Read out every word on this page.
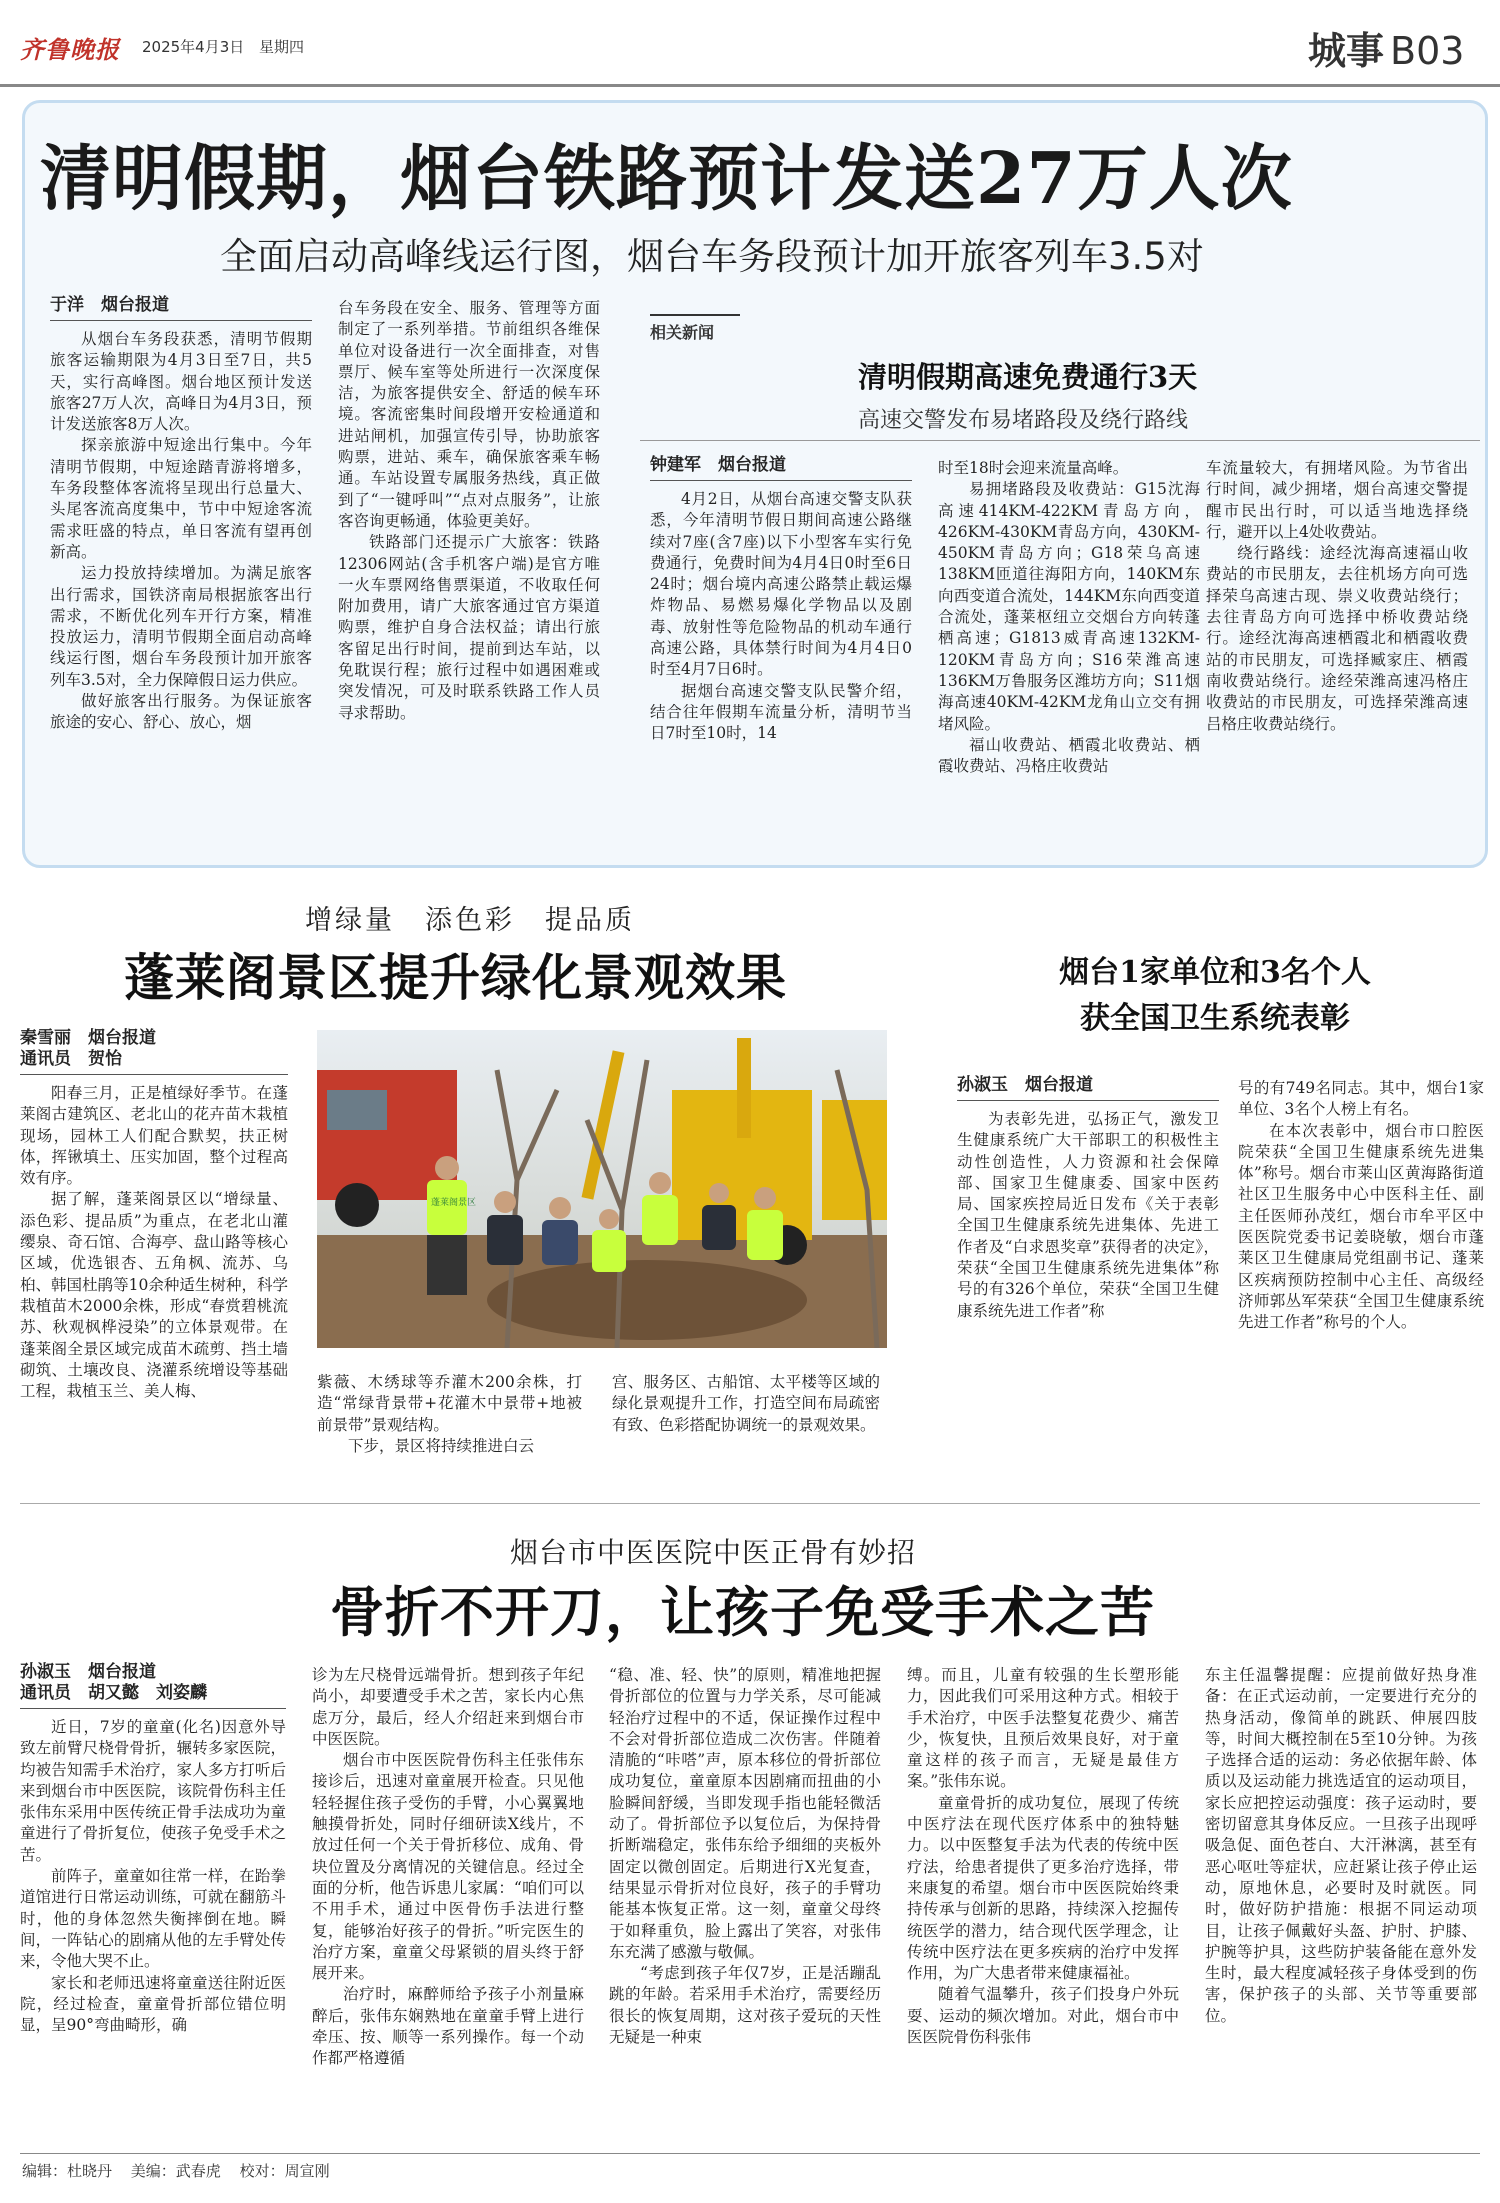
齐鲁晚报 2025年4月3日 星期四	城事 B03
清明假期，烟台铁路预计发送27万人次
全面启动高峰线运行图，烟台车务段预计加开旅客列车3.5对
于洋　烟台报道

从烟台车务段获悉，清明节假期旅客运输期限为4月3日至7日，共5天，实行高峰图。烟台地区预计发送旅客27万人次，高峰日为4月3日，预计发送旅客8万人次。

探亲旅游中短途出行集中。今年清明节假期，中短途踏青游将增多，车务段整体客流将呈现出行总量大、头尾客流高度集中，节中中短途客流需求旺盛的特点，单日客流有望再创新高。

运力投放持续增加。为满足旅客出行需求，国铁济南局根据旅客出行需求，不断优化列车开行方案，精准投放运力，清明节假期全面启动高峰线运行图，烟台车务段预计加开旅客列车3.5对，全力保障假日运力供应。

做好旅客出行服务。为保证旅客旅途的安心、舒心、放心，烟

台车务段在安全、服务、管理等方面制定了一系列举措。节前组织各维保单位对设备进行一次全面排查，对售票厅、候车室等处所进行一次深度保洁，为旅客提供安全、舒适的候车环境。客流密集时间段增开安检通道和进站闸机，加强宣传引导，协助旅客购票，进站、乘车，确保旅客乘车畅通。车站设置专属服务热线，真正做到了“一键呼叫”“点对点服务”，让旅客咨询更畅通，体验更美好。

铁路部门还提示广大旅客：铁路12306网站(含手机客户端)是官方唯一火车票网络售票渠道，不收取任何附加费用，请广大旅客通过官方渠道购票，维护自身合法权益；请出行旅客留足出行时间，提前到达车站，以免耽误行程；旅行过程中如遇困难或突发情况，可及时联系铁路工作人员寻求帮助。

相关新闻
清明假期高速免费通行3天
高速交警发布易堵路段及绕行路线
钟建军　烟台报道

4月2日，从烟台高速交警支队获悉，今年清明节假日期间高速公路继续对7座(含7座)以下小型客车实行免费通行，免费时间为4月4日0时至6日24时；烟台境内高速公路禁止载运爆炸物品、易燃易爆化学物品以及剧毒、放射性等危险物品的机动车通行高速公路，具体禁行时间为4月4日0时至4月7日6时。

据烟台高速交警支队民警介绍，结合往年假期车流量分析，清明节当日7时至10时，14

时至18时会迎来流量高峰。

易拥堵路段及收费站：G15沈海高速414KM-422KM青岛方向，426KM-430KM青岛方向，430KM-450KM青岛方向；G18荣乌高速138KM匝道往海阳方向，140KM东向西变道合流处，144KM东向西变道合流处，蓬莱枢纽立交烟台方向转蓬栖高速；G1813威青高速132KM-120KM青岛方向；S16荣潍高速136KM万鲁服务区潍坊方向；S11烟海高速40KM-42KM龙角山立交有拥堵风险。

福山收费站、栖霞北收费站、栖霞收费站、冯格庄收费站

车流量较大，有拥堵风险。为节省出行时间，减少拥堵，烟台高速交警提醒市民出行时，可以适当地选择绕行，避开以上4处收费站。

绕行路线：途经沈海高速福山收费站的市民朋友，去往机场方向可选择荣乌高速古现、崇义收费站绕行；去往青岛方向可选择中桥收费站绕行。途经沈海高速栖霞北和栖霞收费站的市民朋友，可选择臧家庄、栖霞南收费站绕行。途经荣潍高速冯格庄收费站的市民朋友，可选择荣潍高速吕格庄收费站绕行。

增绿量　添色彩　提品质
蓬莱阁景区提升绿化景观效果
秦雪丽　烟台报道
通讯员　贺怡

阳春三月，正是植绿好季节。在蓬莱阁古建筑区、老北山的花卉苗木栽植现场，园林工人们配合默契，扶正树体，挥锹填土、压实加固，整个过程高效有序。

据了解，蓬莱阁景区以“增绿量、添色彩、提品质”为重点，在老北山灌缨泉、奇石馆、合海亭、盘山路等核心区域，优选银杏、五角枫、流苏、乌桕、韩国杜鹃等10余种适生树种，科学栽植苗木2000余株，形成“春赏碧桃流苏、秋观枫桦浸染”的立体景观带。在蓬莱阁全景区域完成苗木疏剪、挡土墙砌筑、土壤改良、浇灌系统增设等基础工程，栽植玉兰、美人梅、

蓬莱阁景区

紫薇、木绣球等乔灌木200余株，打造“常绿背景带+花灌木中景带+地被前景带”景观结构。

下步，景区将持续推进白云

宫、服务区、古船馆、太平楼等区域的绿化景观提升工作，打造空间布局疏密有致、色彩搭配协调统一的景观效果。

烟台1家单位和3名个人
获全国卫生系统表彰
孙淑玉　烟台报道

为表彰先进，弘扬正气，激发卫生健康系统广大干部职工的积极性主动性创造性，人力资源和社会保障部、国家卫生健康委、国家中医药局、国家疾控局近日发布《关于表彰全国卫生健康系统先进集体、先进工作者及“白求恩奖章”获得者的决定》，荣获“全国卫生健康系统先进集体”称号的有326个单位，荣获“全国卫生健康系统先进工作者”称

号的有749名同志。其中，烟台1家单位、3名个人榜上有名。

在本次表彰中，烟台市口腔医院荣获“全国卫生健康系统先进集体”称号。烟台市莱山区黄海路街道社区卫生服务中心中医科主任、副主任医师孙茂红，烟台市牟平区中医医院党委书记姜晓敏，烟台市蓬莱区卫生健康局党组副书记、蓬莱区疾病预防控制中心主任、高级经济师郭丛军荣获“全国卫生健康系统先进工作者”称号的个人。

烟台市中医医院中医正骨有妙招
骨折不开刀，让孩子免受手术之苦
孙淑玉　烟台报道
通讯员　胡又懿　刘姿麟

近日，7岁的童童(化名)因意外导致左前臂尺桡骨骨折，辗转多家医院，均被告知需手术治疗，家人多方打听后来到烟台市中医医院，该院骨伤科主任张伟东采用中医传统正骨手法成功为童童进行了骨折复位，使孩子免受手术之苦。

前阵子，童童如往常一样，在跆拳道馆进行日常运动训练，可就在翻筋斗时，他的身体忽然失衡摔倒在地。瞬间，一阵钻心的剧痛从他的左手臂处传来，令他大哭不止。

家长和老师迅速将童童送往附近医院，经过检查，童童骨折部位错位明显，呈90°弯曲畸形，确

诊为左尺桡骨远端骨折。想到孩子年纪尚小，却要遭受手术之苦，家长内心焦虑万分，最后，经人介绍赶来到烟台市中医医院。

烟台市中医医院骨伤科主任张伟东接诊后，迅速对童童展开检查。只见他轻轻握住孩子受伤的手臂，小心翼翼地触摸骨折处，同时仔细研读X线片，不放过任何一个关于骨折移位、成角、骨块位置及分离情况的关键信息。经过全面的分析，他告诉患儿家属：“咱们可以不用手术，通过中医骨伤手法进行整复，能够治好孩子的骨折。”听完医生的治疗方案，童童父母紧锁的眉头终于舒展开来。

治疗时，麻醉师给予孩子小剂量麻醉后，张伟东娴熟地在童童手臂上进行牵压、按、顺等一系列操作。每一个动作都严格遵循

“稳、准、轻、快”的原则，精准地把握骨折部位的位置与力学关系，尽可能减轻治疗过程中的不适，保证操作过程中不会对骨折部位造成二次伤害。伴随着清脆的“咔嗒”声，原本移位的骨折部位成功复位，童童原本因剧痛而扭曲的小脸瞬间舒缓，当即发现手指也能轻微活动了。骨折部位予以复位后，为保持骨折断端稳定，张伟东给予细细的夹板外固定以微创固定。后期进行X光复查，结果显示骨折对位良好，孩子的手臂功能基本恢复正常。这一刻，童童父母终于如释重负，脸上露出了笑容，对张伟东充满了感激与敬佩。

“考虑到孩子年仅7岁，正是活蹦乱跳的年龄。若采用手术治疗，需要经历很长的恢复周期，这对孩子爱玩的天性无疑是一种束

缚。而且，儿童有较强的生长塑形能力，因此我们可采用这种方式。相较于手术治疗，中医手法整复花费少、痛苦少，恢复快，且预后效果良好，对于童童这样的孩子而言，无疑是最佳方案。”张伟东说。

童童骨折的成功复位，展现了传统中医疗法在现代医疗体系中的独特魅力。以中医整复手法为代表的传统中医疗法，给患者提供了更多治疗选择，带来康复的希望。烟台市中医医院始终秉持传承与创新的思路，持续深入挖掘传统医学的潜力，结合现代医学理念，让传统中医疗法在更多疾病的治疗中发挥作用，为广大患者带来健康福祉。

随着气温攀升，孩子们投身户外玩耍、运动的频次增加。对此，烟台市中医医院骨伤科张伟

东主任温馨提醒：应提前做好热身准备：在正式运动前，一定要进行充分的热身活动，像简单的跳跃、伸展四肢等，时间大概控制在5至10分钟。为孩子选择合适的运动：务必依据年龄、体质以及运动能力挑选适宜的运动项目，家长应把控运动强度：孩子运动时，要密切留意其身体反应。一旦孩子出现呼吸急促、面色苍白、大汗淋漓，甚至有恶心呕吐等症状，应赶紧让孩子停止运动，原地休息，必要时及时就医。同时，做好防护措施：根据不同运动项目，让孩子佩戴好头盔、护肘、护膝、护腕等护具，这些防护装备能在意外发生时，最大程度减轻孩子身体受到的伤害，保护孩子的头部、关节等重要部位。

编辑：杜晓丹 美编：武春虎 校对：周宣刚
